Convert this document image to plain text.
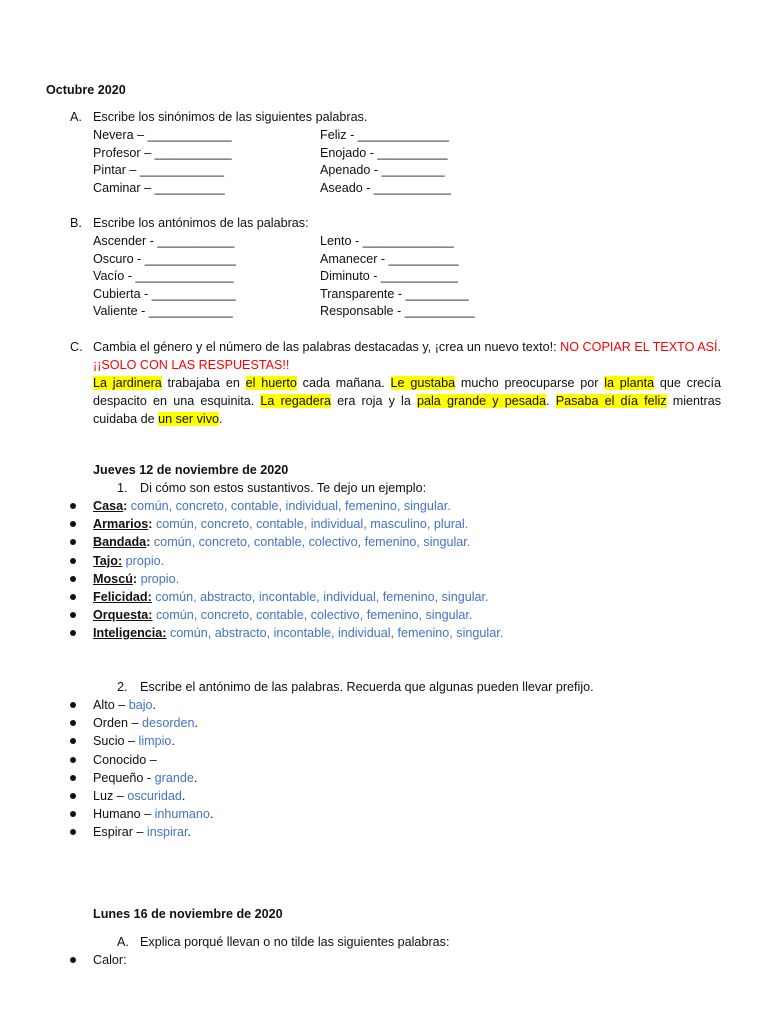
Octubre 2020
A. Escribe los sinónimos de las siguientes palabras.
Nevera – ____________
Profesor – ___________
Pintar – ____________
Caminar – __________
Feliz - _____________
Enojado - __________
Apenado - _________
Aseado - ___________
B. Escribe los antónimos de las palabras:
Ascender - ___________
Oscuro - _____________
Vacío - ______________
Cubierta - ____________
Valiente - ____________
Lento - _____________
Amanecer - __________
Diminuto - ___________
Transparente - _________
Responsable - __________
C. Cambia el género y el número de las palabras destacadas y, ¡crea un nuevo texto!: NO COPIAR EL TEXTO ASÍ. ¡¡SOLO CON LAS RESPUESTAS!!
La jardinera trabajaba en el huerto cada mañana. Le gustaba mucho preocuparse por la planta que crecía despacito en una esquinita. La regadera era roja y la pala grande y pesada. Pasaba el día feliz mientras cuidaba de un ser vivo.
Jueves 12 de noviembre de 2020
1. Di cómo son estos sustantivos. Te dejo un ejemplo:
Casa: común, concreto, contable, individual, femenino, singular.
Armarios: común, concreto, contable, individual, masculino, plural.
Bandada: común, concreto, contable, colectivo, femenino, singular.
Tajo: propio.
Moscú: propio.
Felicidad: común, abstracto, incontable, individual, femenino, singular.
Orquesta: común, concreto, contable, colectivo, femenino, singular.
Inteligencia: común, abstracto, incontable, individual, femenino, singular.
2. Escribe el antónimo de las palabras. Recuerda que algunas pueden llevar prefijo.
Alto – bajo.
Orden – desorden.
Sucio – limpio.
Conocido –
Pequeño - grande.
Luz – oscuridad.
Humano – inhumano.
Espirar – inspirar.
Lunes 16 de noviembre de 2020
A. Explica porqué llevan o no tilde las siguientes palabras:
Calor:
